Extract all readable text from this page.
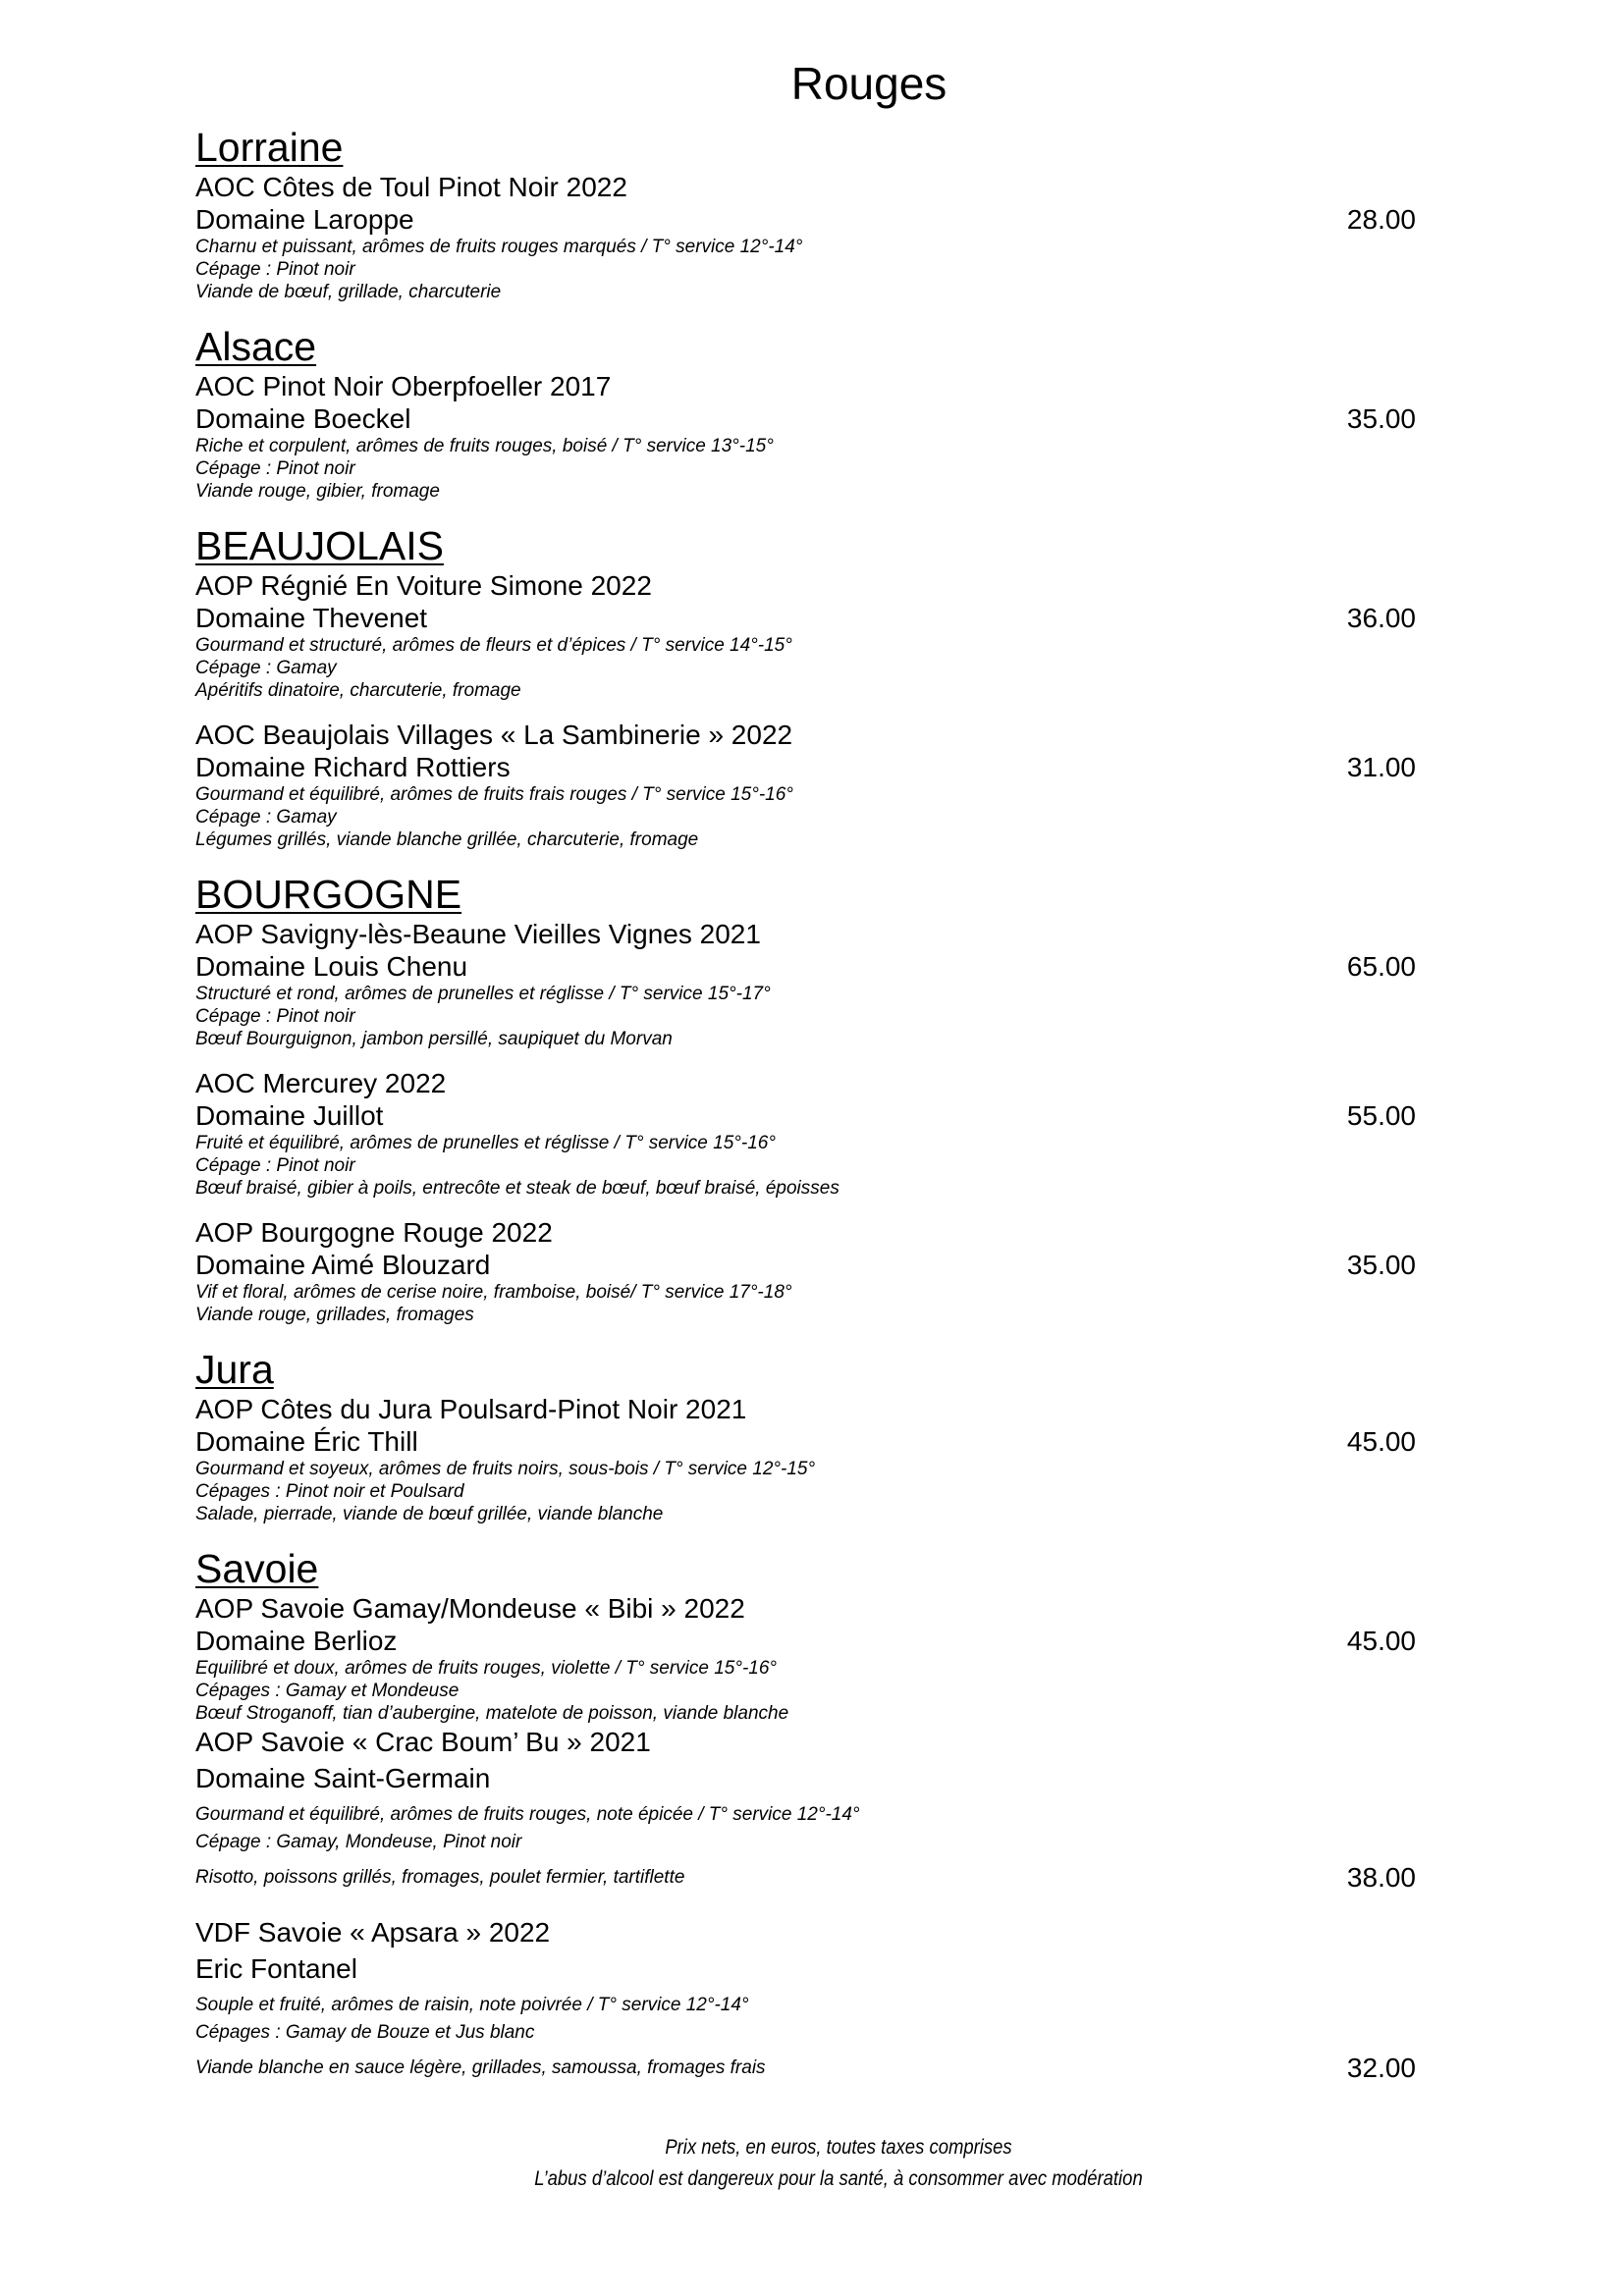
Rouges
Lorraine
AOC Côtes de Toul Pinot Noir 2022
Domaine Laroppe
Charnu et puissant, arômes de fruits rouges marqués / T° service 12°-14°
Cépage : Pinot noir
Viande de bœuf, grillade, charcuterie
28.00
Alsace
AOC Pinot Noir Oberpfoeller 2017
Domaine Boeckel
Riche et corpulent, arômes de fruits rouges, boisé / T° service 13°-15°
Cépage : Pinot noir
Viande rouge, gibier, fromage
35.00
BEAUJOLAIS
AOP Régnié En Voiture Simone 2022
Domaine Thevenet
Gourmand et structuré, arômes de fleurs et d’épices / T° service 14°-15°
Cépage : Gamay
Apéritifs dinatoire, charcuterie, fromage
36.00
AOC Beaujolais Villages « La Sambinerie » 2022
Domaine Richard Rottiers
Gourmand et équilibré, arômes de fruits frais rouges / T° service 15°-16°
Cépage : Gamay
Légumes grillés, viande blanche grillée, charcuterie, fromage
31.00
BOURGOGNE
AOP Savigny-lès-Beaune Vieilles Vignes 2021
Domaine Louis Chenu
Structuré et rond, arômes de prunelles et réglisse / T° service 15°-17°
Cépage : Pinot noir
Bœuf Bourguignon, jambon persillé, saupiquet du Morvan
65.00
AOC Mercurey 2022
Domaine Juillot
Fruité et équilibré, arômes de prunelles et réglisse / T° service 15°-16°
Cépage : Pinot noir
Bœuf braisé, gibier à poils, entrecôte et steak de bœuf, bœuf braisé, époisses
55.00
AOP Bourgogne Rouge 2022
Domaine Aimé Blouzard
Vif et floral, arômes de cerise noire, framboise, boisé/ T° service 17°-18°
Viande rouge, grillades, fromages
35.00
Jura
AOP Côtes du Jura Poulsard-Pinot Noir 2021
Domaine Éric Thill
Gourmand et soyeux, arômes de fruits noirs, sous-bois / T° service 12°-15°
Cépages : Pinot noir et Poulsard
Salade, pierrade, viande de bœuf grillée, viande blanche
45.00
Savoie
AOP Savoie Gamay/Mondeuse « Bibi » 2022
Domaine Berlioz
Equilibré et doux, arômes de fruits rouges, violette / T° service 15°-16°
Cépages : Gamay et Mondeuse
Bœuf Stroganoff, tian d’aubergine, matelote de poisson, viande blanche
45.00
AOP Savoie « Crac Boum’ Bu » 2021
Domaine Saint-Germain
Gourmand et équilibré, arômes de fruits rouges, note épicée / T° service 12°-14°
Cépage : Gamay, Mondeuse, Pinot noir
Risotto, poissons grillés, fromages, poulet fermier, tartiflette	38.00
VDF Savoie « Apsara » 2022
Eric Fontanel
Souple et fruité, arômes de raisin, note poivrée / T° service 12°-14°
Cépages : Gamay de Bouze et Jus blanc
Viande blanche en sauce légère, grillades, samoussa, fromages frais	32.00
Prix nets, en euros, toutes taxes comprises
L’abus d’alcool est dangereux pour la santé, à consommer avec modération
